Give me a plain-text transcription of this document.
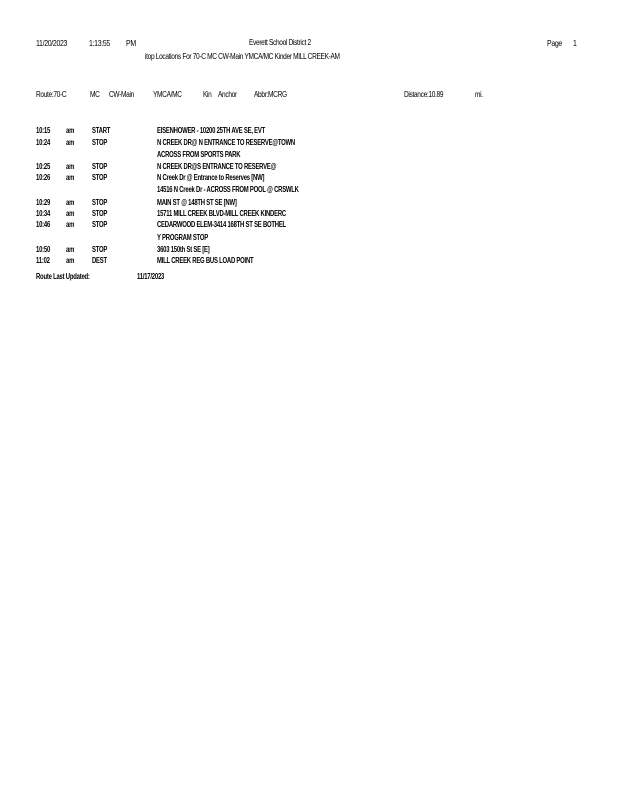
11/20/2023	1:13:55 PM	Everett School District 2	Page 1
itop Locations For 70-C MC CW-Main YMCA/MC Kinder MILL CREEK-AM
Route:70-C	MC CW-Main YMCA/MC	Kin Anchor Abbr:MCRG	Distance:10.89	mi.
10:15 am START	EISENHOWER - 10200 25TH AVE SE, EVT
10:24 am STOP	N CREEK DR@ N ENTRANCE TO RESERVE@TOWN
ACROSS FROM SPORTS PARK
10:25 am STOP	N CREEK DR@S ENTRANCE TO RESERVE@
10:26 am STOP	N Creek Dr @ Entrance to Reserves [NW]
14516 N Creek Dr - ACROSS FROM POOL @ CRSWLK
10:29 am STOP	MAIN ST @ 148TH ST SE [NW]
10:34 am STOP	15711 MILL CREEK BLVD-MILL CREEK KINDERC
10:46 am STOP	CEDARWOOD ELEM-3414 168TH ST SE BOTHEL
Y PROGRAM STOP
10:50 am STOP	3603 150th St SE [E]
11:02 am DEST	MILL CREEK REG BUS LOAD POINT
Route Last Updated:	11/17/2023
